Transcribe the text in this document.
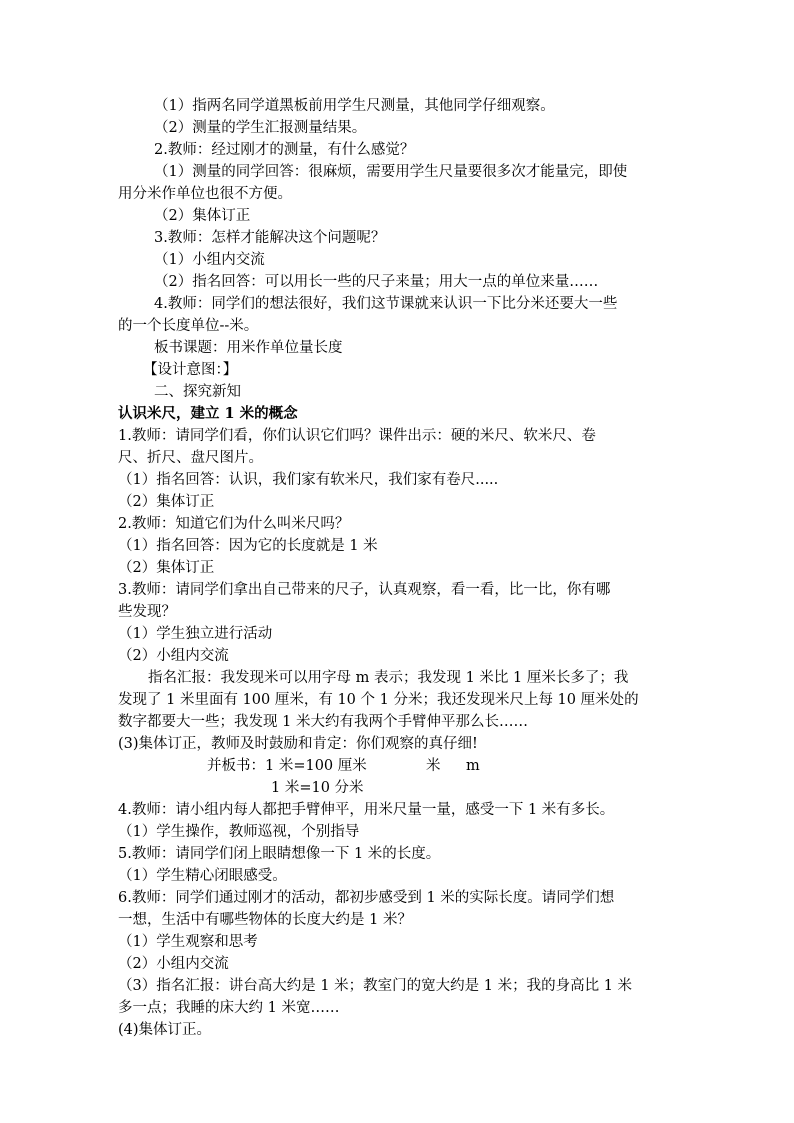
（1）指两名同学道黑板前用学生尺测量，其他同学仔细观察。
（2）测量的学生汇报测量结果。
2.教师：经过刚才的测量，有什么感觉？
（1）测量的同学回答：很麻烦，需要用学生尺量要很多次才能量完，即使
用分米作单位也很不方便。
（2）集体订正
3.教师：怎样才能解决这个问题呢？
（1）小组内交流
（2）指名回答：可以用长一些的尺子来量；用大一点的单位来量……
4.教师：同学们的想法很好，我们这节课就来认识一下比分米还要大一些
的一个长度单位--米。
板书课题：用米作单位量长度
【设计意图：】
二、探究新知
认识米尺，建立 1 米的概念
1.教师：请同学们看，你们认识它们吗？课件出示：硬的米尺、软米尺、卷
尺、折尺、盘尺图片。
（1）指名回答：认识，我们家有软米尺，我们家有卷尺.....
（2）集体订正
2.教师：知道它们为什么叫米尺吗？
（1）指名回答：因为它的长度就是 1 米
（2）集体订正
3.教师：请同学们拿出自己带来的尺子，认真观察，看一看，比一比，你有哪
些发现？
（1）学生独立进行活动
（2）小组内交流
指名汇报：我发现米可以用字母 m 表示；我发现 1 米比 1 厘米长多了；我
发现了 1 米里面有 100 厘米，有 10 个 1 分米；我还发现米尺上每 10 厘米处的
数字都要大一些；我发现 1 米大约有我两个手臂伸平那么长……
(3)集体订正，教师及时鼓励和肯定：你们观察的真仔细!
并板书：1 米=100 厘米	米 m
1 米=10 分米
4.教师：请小组内每人都把手臂伸平，用米尺量一量，感受一下 1 米有多长。
（1）学生操作，教师巡视，个别指导
5.教师：请同学们闭上眼睛想像一下 1 米的长度。
（1）学生精心闭眼感受。
6.教师：同学们通过刚才的活动，都初步感受到 1 米的实际长度。请同学们想
一想，生活中有哪些物体的长度大约是 1 米？
（1）学生观察和思考
（2）小组内交流
（3）指名汇报：讲台高大约是 1 米；教室门的宽大约是 1 米；我的身高比 1 米
多一点；我睡的床大约 1 米宽……
(4)集体订正。
